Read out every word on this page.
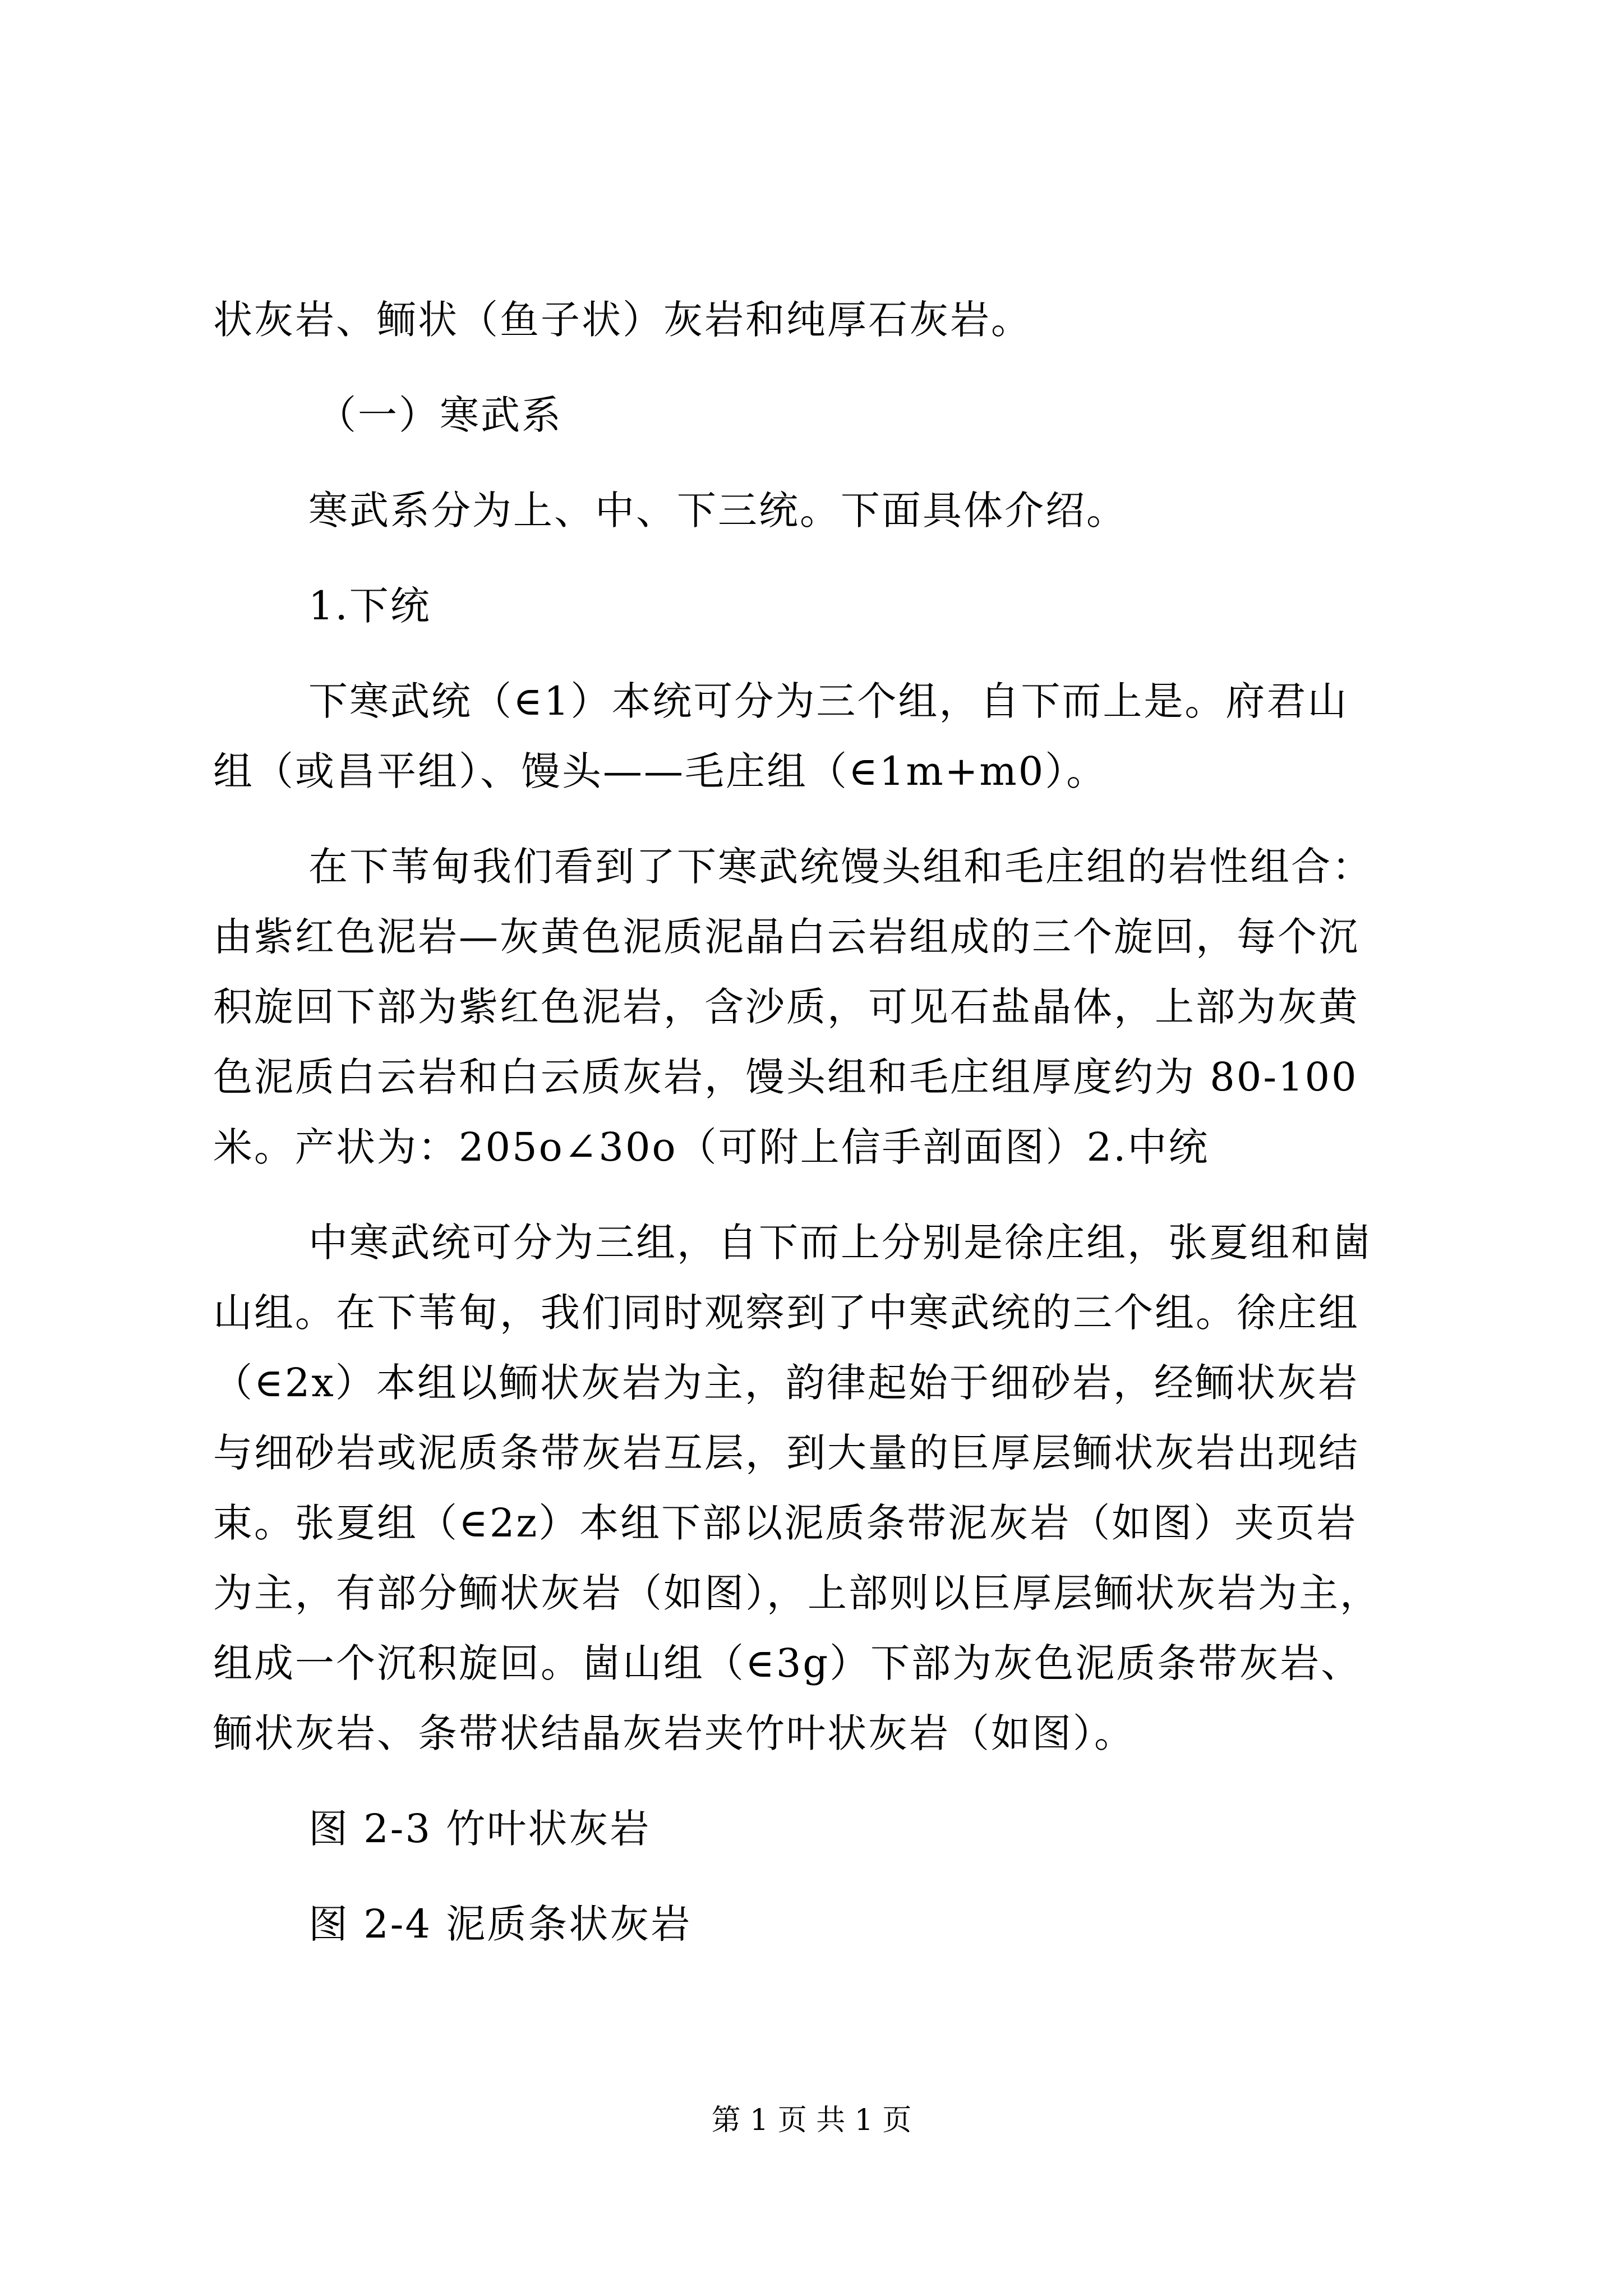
状灰岩、鲕状（鱼子状）灰岩和纯厚石灰岩。
（一）寒武系
寒武系分为上、中、下三统。下面具体介绍。
1.下统
下寒武统（∈1）本统可分为三个组，自下而上是。府君山
组（或昌平组）、馒头——毛庄组（∈1m+m0）。
在下苇甸我们看到了下寒武统馒头组和毛庄组的岩性组合：
由紫红色泥岩—灰黄色泥质泥晶白云岩组成的三个旋回，每个沉
积旋回下部为紫红色泥岩，含沙质，可见石盐晶体，上部为灰黄
色泥质白云岩和白云质灰岩，馒头组和毛庄组厚度约为 80-100
米。产状为：205o∠30o（可附上信手剖面图）2.中统
中寒武统可分为三组，自下而上分别是徐庄组，张夏组和崮
山组。在下苇甸，我们同时观察到了中寒武统的三个组。徐庄组
（∈2x）本组以鲕状灰岩为主，韵律起始于细砂岩，经鲕状灰岩
与细砂岩或泥质条带灰岩互层，到大量的巨厚层鲕状灰岩出现结
束。张夏组（∈2z）本组下部以泥质条带泥灰岩（如图）夹页岩
为主，有部分鲕状灰岩（如图），上部则以巨厚层鲕状灰岩为主，
组成一个沉积旋回。崮山组（∈3g）下部为灰色泥质条带灰岩、
鲕状灰岩、条带状结晶灰岩夹竹叶状灰岩（如图）。
图 2-3 竹叶状灰岩
图 2-4 泥质条状灰岩
第 1 页 共 1 页
